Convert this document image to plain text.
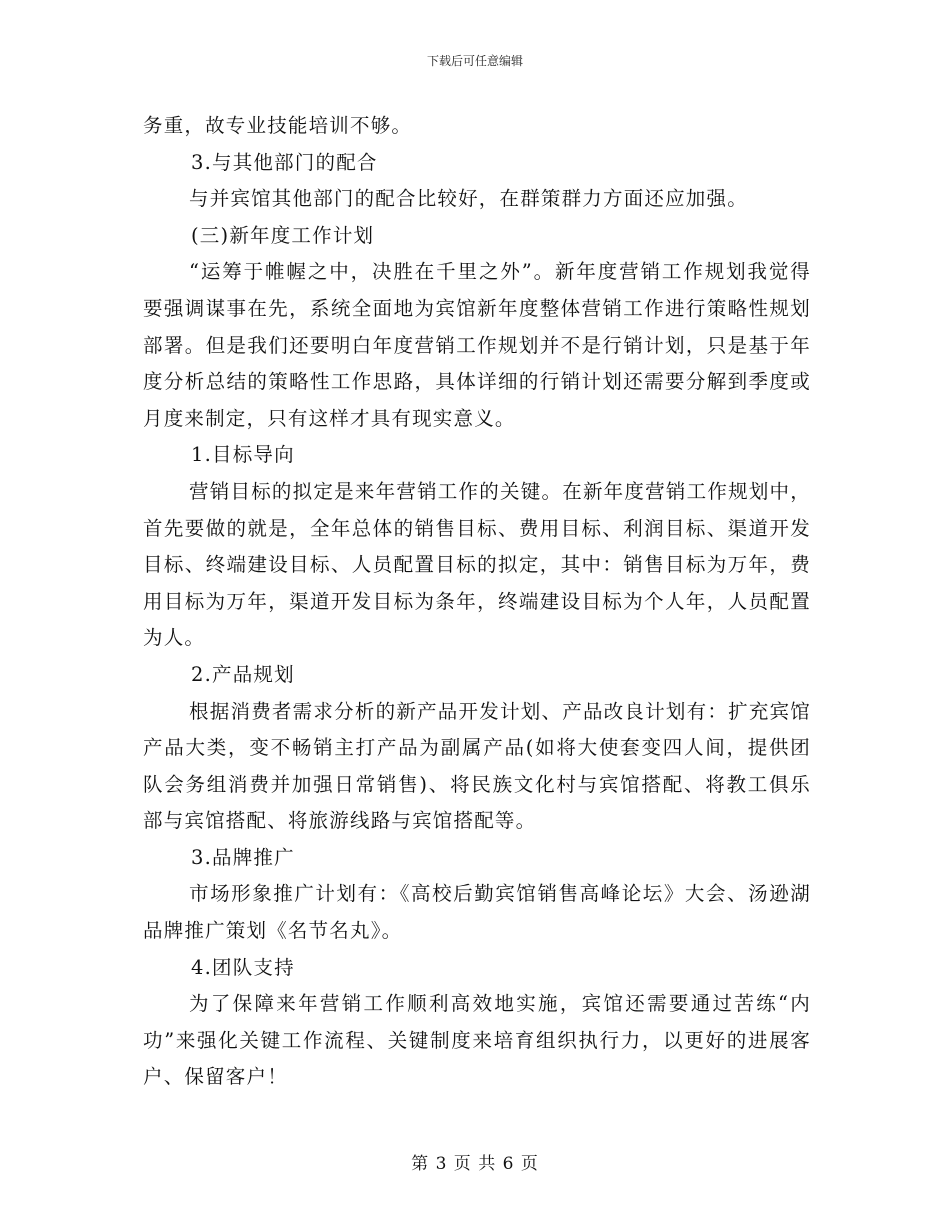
下载后可任意编辑

务重，故专业技能培训不够。

3.与其他部门的配合

与并宾馆其他部门的配合比较好，在群策群力方面还应加强。

(三)新年度工作计划

“运筹于帷幄之中，决胜在千里之外”。新年度营销工作规划我觉得要强调谋事在先，系统全面地为宾馆新年度整体营销工作进行策略性规划部署。但是我们还要明白年度营销工作规划并不是行销计划，只是基于年度分析总结的策略性工作思路，具体详细的行销计划还需要分解到季度或月度来制定，只有这样才具有现实意义。

1.目标导向

营销目标的拟定是来年营销工作的关键。在新年度营销工作规划中，首先要做的就是，全年总体的销售目标、费用目标、利润目标、渠道开发目标、终端建设目标、人员配置目标的拟定，其中：销售目标为万年，费用目标为万年，渠道开发目标为条年，终端建设目标为个人年，人员配置为人。

2.产品规划

根据消费者需求分析的新产品开发计划、产品改良计划有：扩充宾馆产品大类，变不畅销主打产品为副属产品(如将大使套变四人间，提供团队会务组消费并加强日常销售)、将民族文化村与宾馆搭配、将教工俱乐部与宾馆搭配、将旅游线路与宾馆搭配等。

3.品牌推广

市场形象推广计划有：《高校后勤宾馆销售高峰论坛》大会、汤逊湖品牌推广策划《名节名丸》。

4.团队支持

为了保障来年营销工作顺利高效地实施，宾馆还需要通过苦练“内功”来强化关键工作流程、关键制度来培育组织执行力，以更好的进展客户、保留客户！

第 3 页 共 6 页
